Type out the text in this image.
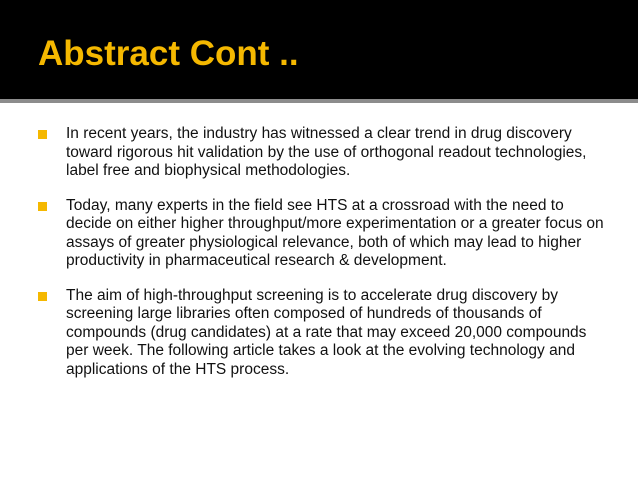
Abstract Cont ..
In recent years, the industry has witnessed a clear trend in drug discovery toward rigorous hit validation by the use of orthogonal readout technologies, label free and biophysical methodologies.
Today, many experts in the field see HTS at a crossroad with the need to decide on either higher throughput/more experimentation or a greater focus on assays of greater physiological relevance, both of which may lead to higher productivity in pharmaceutical research & development.
The aim of high-throughput screening is to accelerate drug discovery by screening large libraries often composed of hundreds of thousands of compounds (drug candidates) at a rate that may exceed 20,000 compounds per week. The following article takes a look at the evolving technology and applications of the HTS process.
